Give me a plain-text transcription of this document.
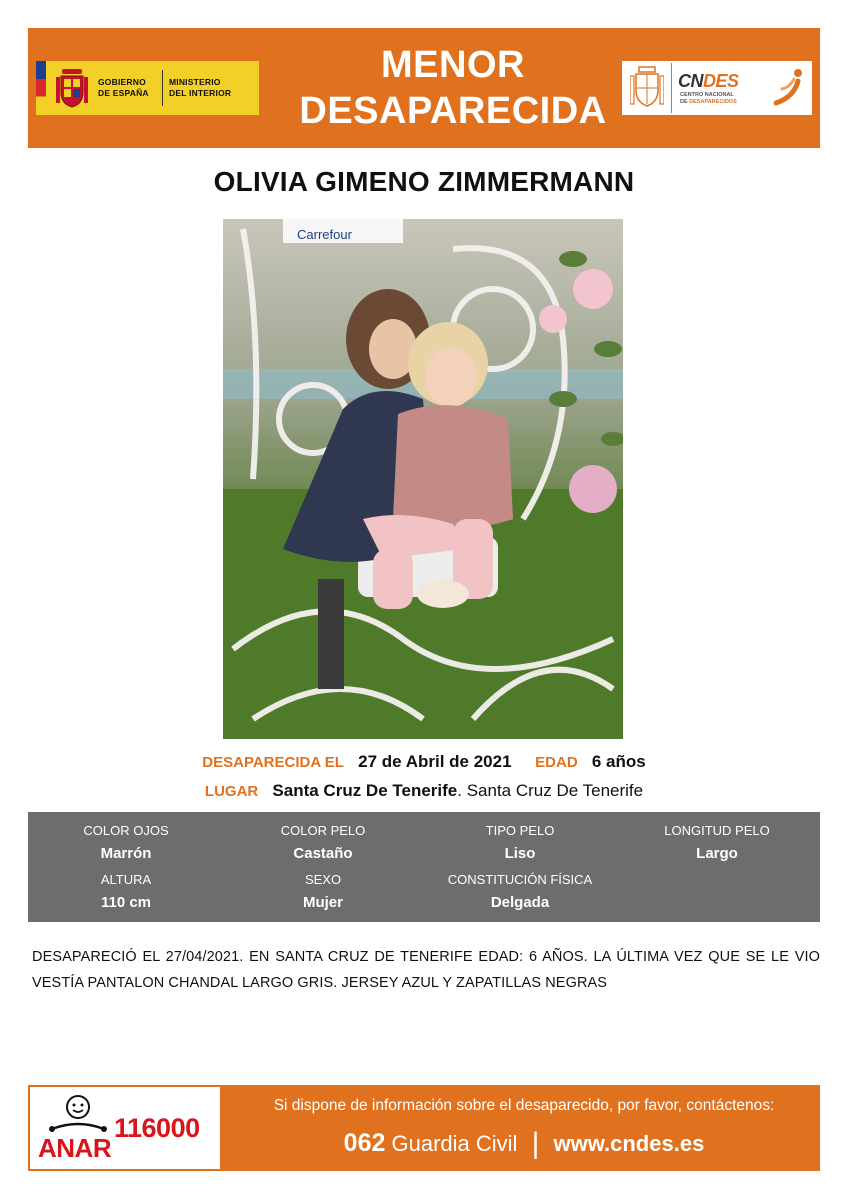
GOBIERNO
DE ESPAÑA
MINISTERIO
DEL INTERIOR
MENOR
DESAPARECIDA
CNDES
CENTRO NACIONAL
DE DESAPARECIDOS
OLIVIA GIMENO ZIMMERMANN
Carrefour
DESAPARECIDA EL 27 de Abril de 2021 EDAD 6 años
LUGAR Santa Cruz De Tenerife. Santa Cruz De Tenerife
COLOR OJOS
Marrón
COLOR PELO
Castaño
TIPO PELO
Liso
LONGITUD PELO
Largo
ALTURA
110 cm
SEXO
Mujer
CONSTITUCIÓN FÍSICA
Delgada
DESAPARECIÓ EL 27/04/2021. EN SANTA CRUZ DE TENERIFE EDAD: 6 AÑOS. LA ÚLTIMA VEZ QUE SE LE VIO VESTÍA PANTALON CHANDAL LARGO GRIS. JERSEY AZUL Y ZAPATILLAS NEGRAS
ANAR
116000
Si dispone de información sobre el desaparecido, por favor, contáctenos:
062 Guardia Civil | www.cndes.es
